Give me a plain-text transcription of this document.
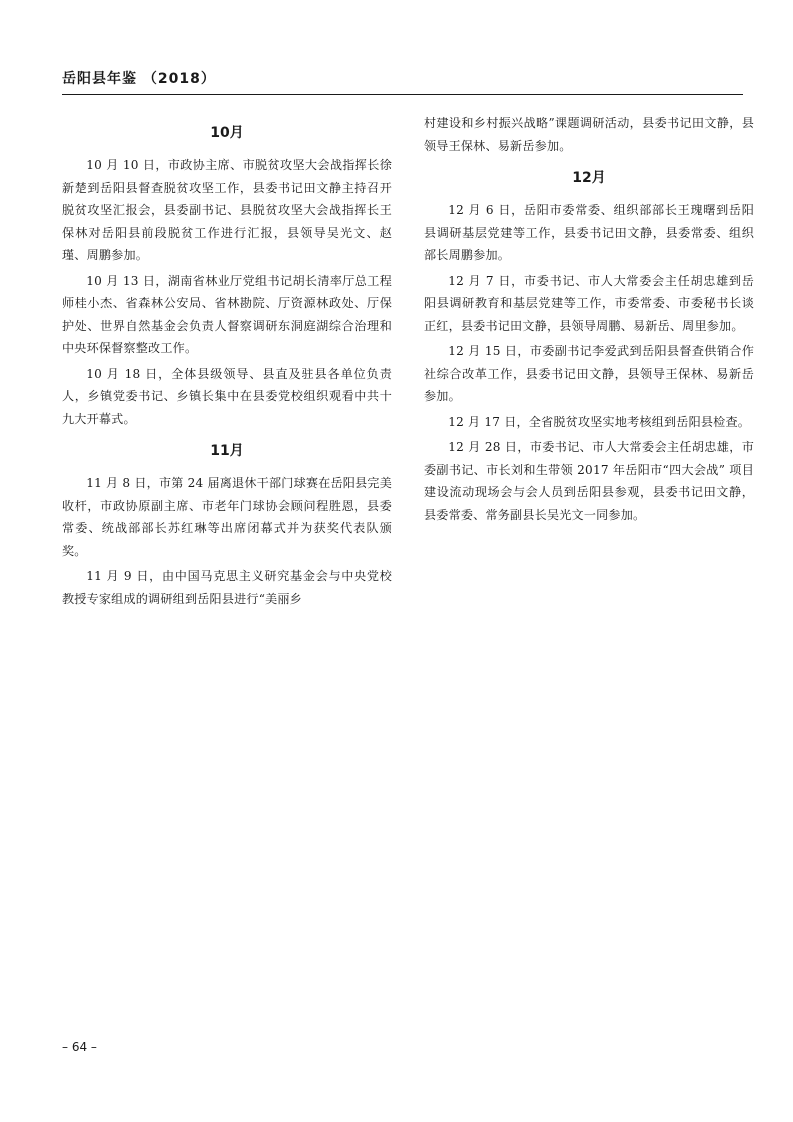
岳阳县年鉴 （2018）
10月

10 月 10 日，市政协主席、市脱贫攻坚大会战指挥长徐新楚到岳阳县督查脱贫攻坚工作，县委书记田文静主持召开脱贫攻坚汇报会，县委副书记、县脱贫攻坚大会战指挥长王保林对岳阳县前段脱贫工作进行汇报，县领导吴光文、赵瑾、周鹏参加。

10 月 13 日，湖南省林业厅党组书记胡长清率厅总工程师桂小杰、省森林公安局、省林勘院、厅资源林政处、厅保护处、世界自然基金会负责人督察调研东洞庭湖综合治理和中央环保督察整改工作。

10 月 18 日，全体县级领导、县直及驻县各单位负责人，乡镇党委书记、乡镇长集中在县委党校组织观看中共十九大开幕式。

11月

11 月 8 日，市第 24 届离退休干部门球赛在岳阳县完美收杆，市政协原副主席、市老年门球协会顾问程胜恩，县委常委、统战部部长苏红琳等出席闭幕式并为获奖代表队颁奖。

11 月 9 日，由中国马克思主义研究基金会与中央党校教授专家组成的调研组到岳阳县进行“美丽乡

村建设和乡村振兴战略”课题调研活动，县委书记田文静，县领导王保林、易新岳参加。

12月

12 月 6 日，岳阳市委常委、组织部部长王瑰曙到岳阳县调研基层党建等工作，县委书记田文静，县委常委、组织部长周鹏参加。

12 月 7 日，市委书记、市人大常委会主任胡忠雄到岳阳县调研教育和基层党建等工作，市委常委、市委秘书长谈正红，县委书记田文静，县领导周鹏、易新岳、周里参加。

12 月 15 日，市委副书记李爱武到岳阳县督查供销合作社综合改革工作，县委书记田文静，县领导王保林、易新岳参加。

12 月 17 日，全省脱贫攻坚实地考核组到岳阳县检查。

12 月 28 日，市委书记、市人大常委会主任胡忠雄，市委副书记、市长刘和生带领 2017 年岳阳市“四大会战” 项目建设流动现场会与会人员到岳阳县参观，县委书记田文静，县委常委、常务副县长吴光文一同参加。

– 64 –
